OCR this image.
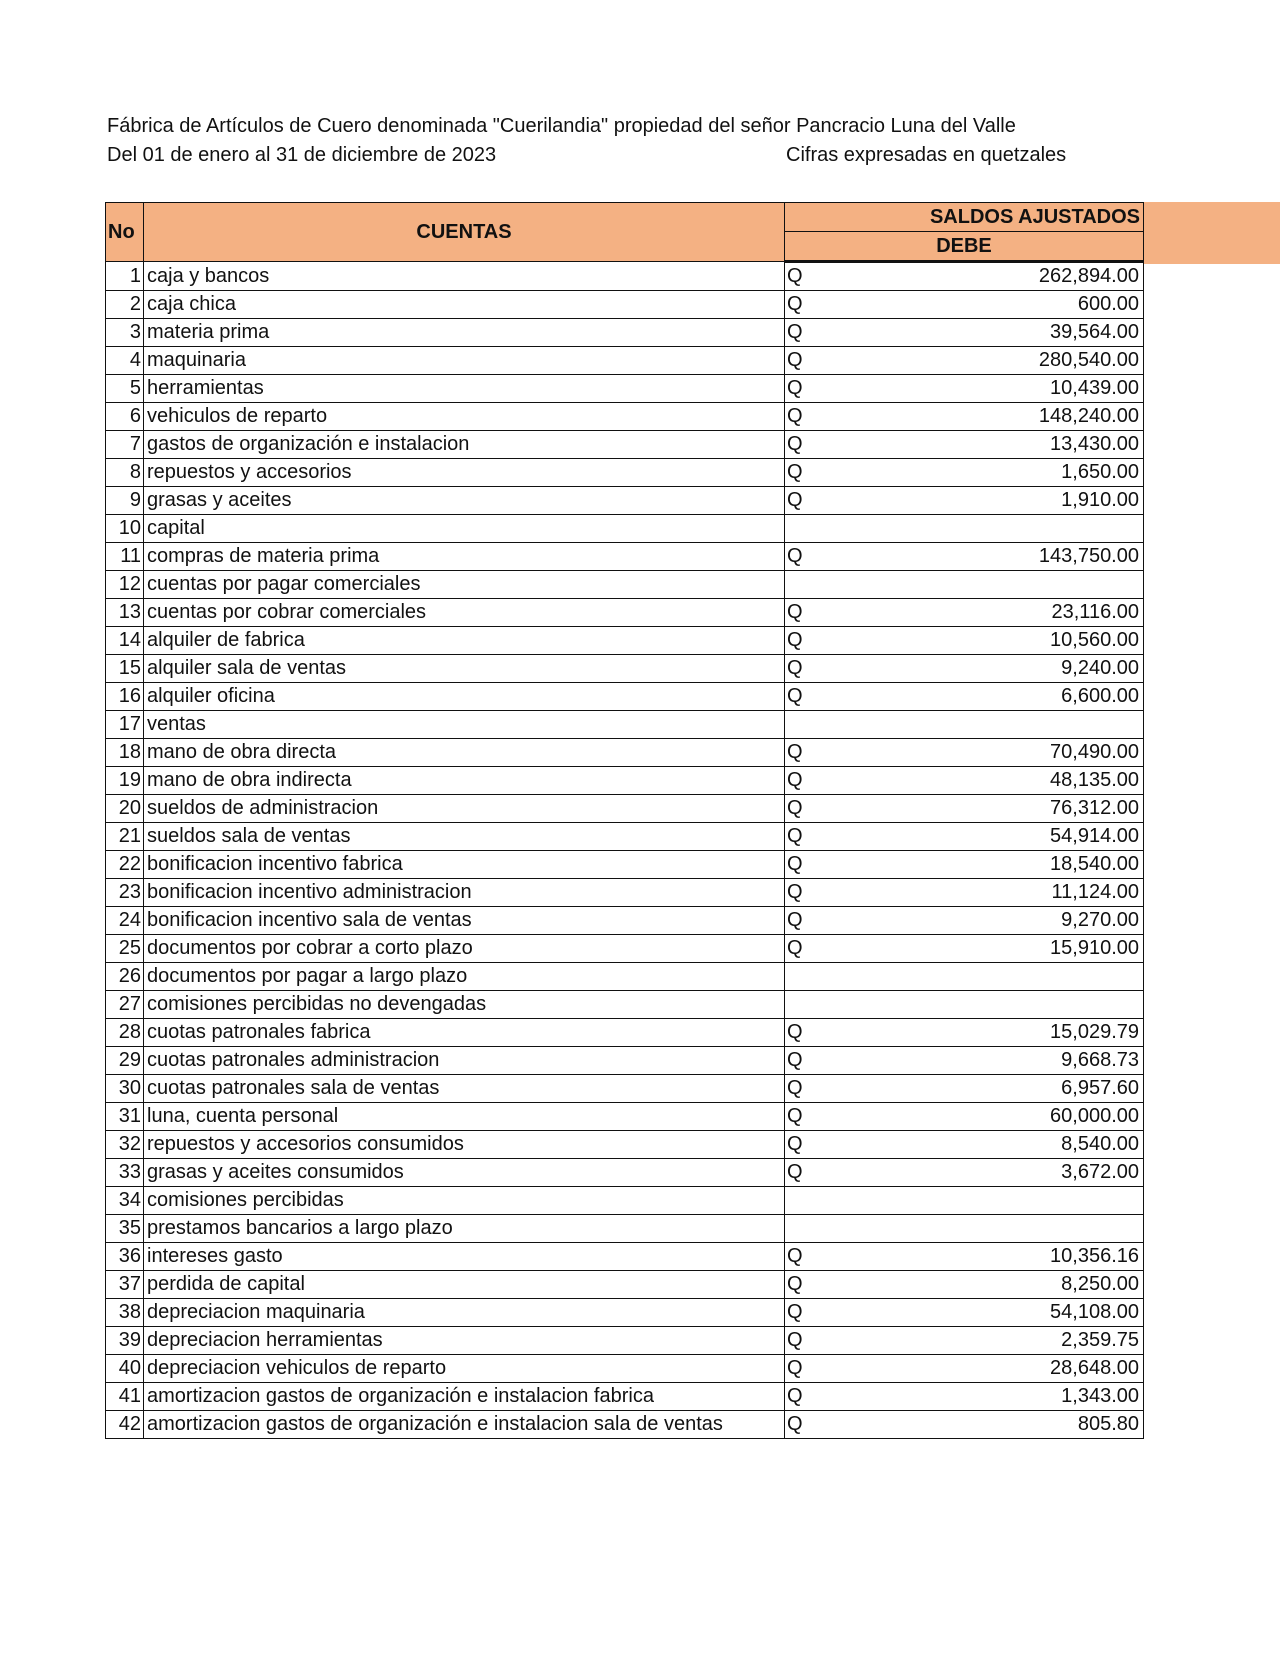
Fábrica de Artículos de Cuero denominada "Cuerilandia" propiedad del señor Pancracio Luna del Valle
Del 01 de enero al 31 de diciembre de 2023	Cifras expresadas en quetzales
No	CUENTAS	SALDOS AJUSTADOS	
		DEBE	
1	caja y bancos	Q	262,894.00
2	caja chica	Q	600.00
3	materia prima	Q	39,564.00
4	maquinaria	Q	280,540.00
5	herramientas	Q	10,439.00
6	vehiculos de reparto	Q	148,240.00
7	gastos de organización e instalacion	Q	13,430.00
8	repuestos y accesorios	Q	1,650.00
9	grasas y aceites	Q	1,910.00
10	capital		
11	compras de materia prima	Q	143,750.00
12	cuentas por pagar comerciales		
13	cuentas por cobrar comerciales	Q	23,116.00
14	alquiler de fabrica	Q	10,560.00
15	alquiler sala de ventas	Q	9,240.00
16	alquiler oficina	Q	6,600.00
17	ventas		
18	mano de obra directa	Q	70,490.00
19	mano de obra indirecta	Q	48,135.00
20	sueldos de administracion	Q	76,312.00
21	sueldos sala de ventas	Q	54,914.00
22	bonificacion incentivo fabrica	Q	18,540.00
23	bonificacion incentivo administracion	Q	11,124.00
24	bonificacion incentivo sala de ventas	Q	9,270.00
25	documentos por cobrar a corto plazo	Q	15,910.00
26	documentos por pagar a largo plazo		
27	comisiones percibidas no devengadas		
28	cuotas patronales fabrica	Q	15,029.79
29	cuotas patronales administracion	Q	9,668.73
30	cuotas patronales sala de ventas	Q	6,957.60
31	luna, cuenta personal	Q	60,000.00
32	repuestos y accesorios consumidos	Q	8,540.00
33	grasas y aceites consumidos	Q	3,672.00
34	comisiones percibidas		
35	prestamos bancarios a largo plazo		
36	intereses gasto	Q	10,356.16
37	perdida de capital	Q	8,250.00
38	depreciacion maquinaria	Q	54,108.00
39	depreciacion herramientas	Q	2,359.75
40	depreciacion vehiculos de reparto	Q	28,648.00
41	amortizacion gastos de organización e instalacion fabrica	Q	1,343.00
42	amortizacion gastos de organización e instalacion sala de ventas	Q	805.80
